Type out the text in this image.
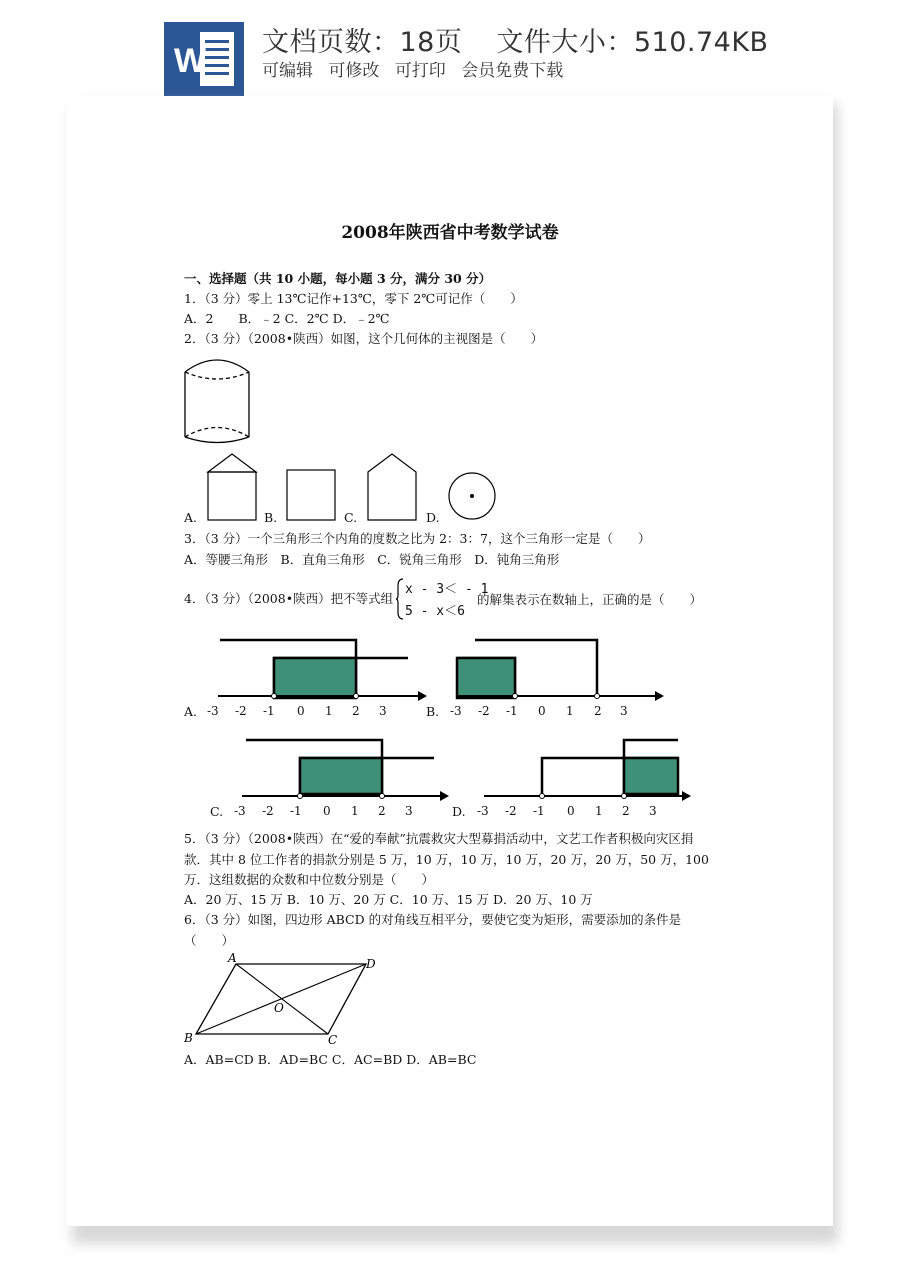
W 文档页数：18页 文件大小：510.74KB
可编辑 可修改 可打印 会员免费下载
2008年陕西省中考数学试卷
一、选择题（共 10 小题，每小题 3 分，满分 30 分）
1．（3 分）零上 13℃记作+13℃，零下 2℃可记作（　　）
A．2　　B．﹣2 C．2℃ D．﹣2℃
2．（3 分）（2008•陕西）如图，这个几何体的主视图是（　　）
A.	B.	C.	D.
3．（3 分）一个三角形三个内角的度数之比为 2：3：7，这个三角形一定是（　　）
A．等腰三角形　B．直角三角形　C．锐角三角形　D．钝角三角形
4．（3 分）（2008•陕西）把不等式组
x - 3＜ - 1
5 - x＜6
的解集表示在数轴上，正确的是（　　）
A. -3 -2 -1 0 1 2 3	B. -3 -2 -1 0 1 2 3
C. -3 -2 -1 0 1 2 3	D. -3 -2 -1 0 1 2 3
5．（3 分）（2008•陕西）在“爱的奉献”抗震救灾大型募捐活动中，文艺工作者积极向灾区捐
款．其中 8 位工作者的捐款分别是 5 万，10 万，10 万，10 万，20 万，20 万，50 万，100
万．这组数据的众数和中位数分别是（　　）
A．20 万、15 万 B．10 万、20 万 C．10 万、15 万 D．20 万、10 万
6．（3 分）如图，四边形 ABCD 的对角线互相平分，要使它变为矩形，需要添加的条件是
（　　）
A	D
O
B	C
A．AB=CD B．AD=BC C．AC=BD D．AB=BC
